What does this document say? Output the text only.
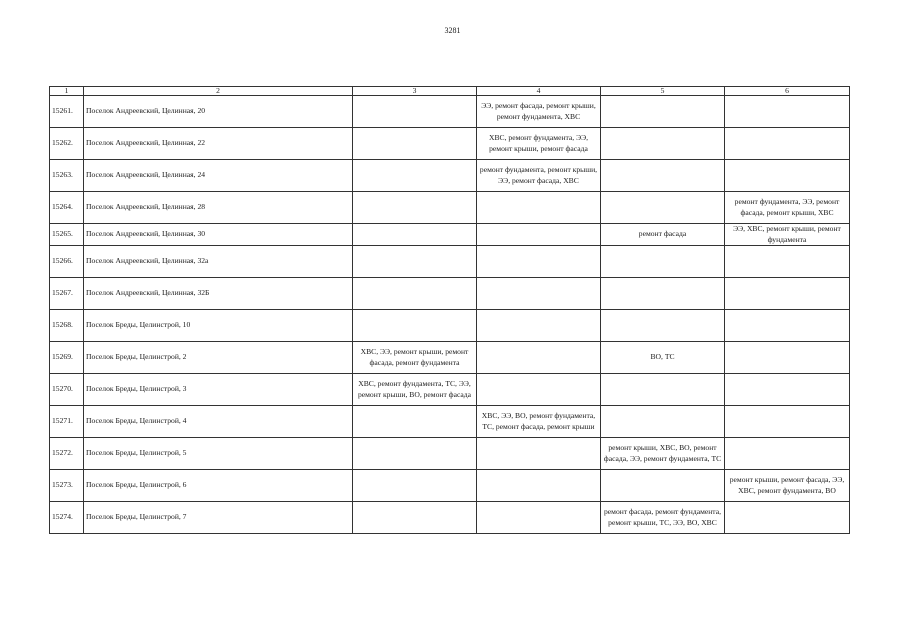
3281
1	2	3	4	5	6
15261.	Поселок Андреевский, Целинная, 20		ЭЭ, ремонт фасада, ремонт крыши, ремонт фундамента, ХВС		
15262.	Поселок Андреевский, Целинная, 22		ХВС, ремонт фундамента, ЭЭ, ремонт крыши, ремонт фасада		
15263.	Поселок Андреевский, Целинная, 24		ремонт фундамента, ремонт крыши, ЭЭ, ремонт фасада, ХВС		
15264.	Поселок Андреевский, Целинная, 28				ремонт фундамента, ЭЭ, ремонт фасада, ремонт крыши, ХВС
15265.	Поселок Андреевский, Целинная, 30			ремонт фасада	ЭЭ, ХВС, ремонт крыши, ремонт фундамента
15266.	Поселок Андреевский, Целинная, 32а				
15267.	Поселок Андреевский, Целинная, 32Б				
15268.	Поселок Бреды, Целинстрой, 10				
15269.	Поселок Бреды, Целинстрой, 2	ХВС, ЭЭ, ремонт крыши, ремонт фасада, ремонт фундамента		ВО, ТС	
15270.	Поселок Бреды, Целинстрой, 3	ХВС, ремонт фундамента, ТС, ЭЭ, ремонт крыши, ВО, ремонт фасада			
15271.	Поселок Бреды, Целинстрой, 4		ХВС, ЭЭ, ВО, ремонт фундамента, ТС, ремонт фасада, ремонт крыши		
15272.	Поселок Бреды, Целинстрой, 5			ремонт крыши, ХВС, ВО, ремонт фасада, ЭЭ, ремонт фундамента, ТС	
15273.	Поселок Бреды, Целинстрой, 6				ремонт крыши, ремонт фасада, ЭЭ, ХВС, ремонт фундамента, ВО
15274.	Поселок Бреды, Целинстрой, 7			ремонт фасада, ремонт фундамента, ремонт крыши, ТС, ЭЭ, ВО, ХВС	
